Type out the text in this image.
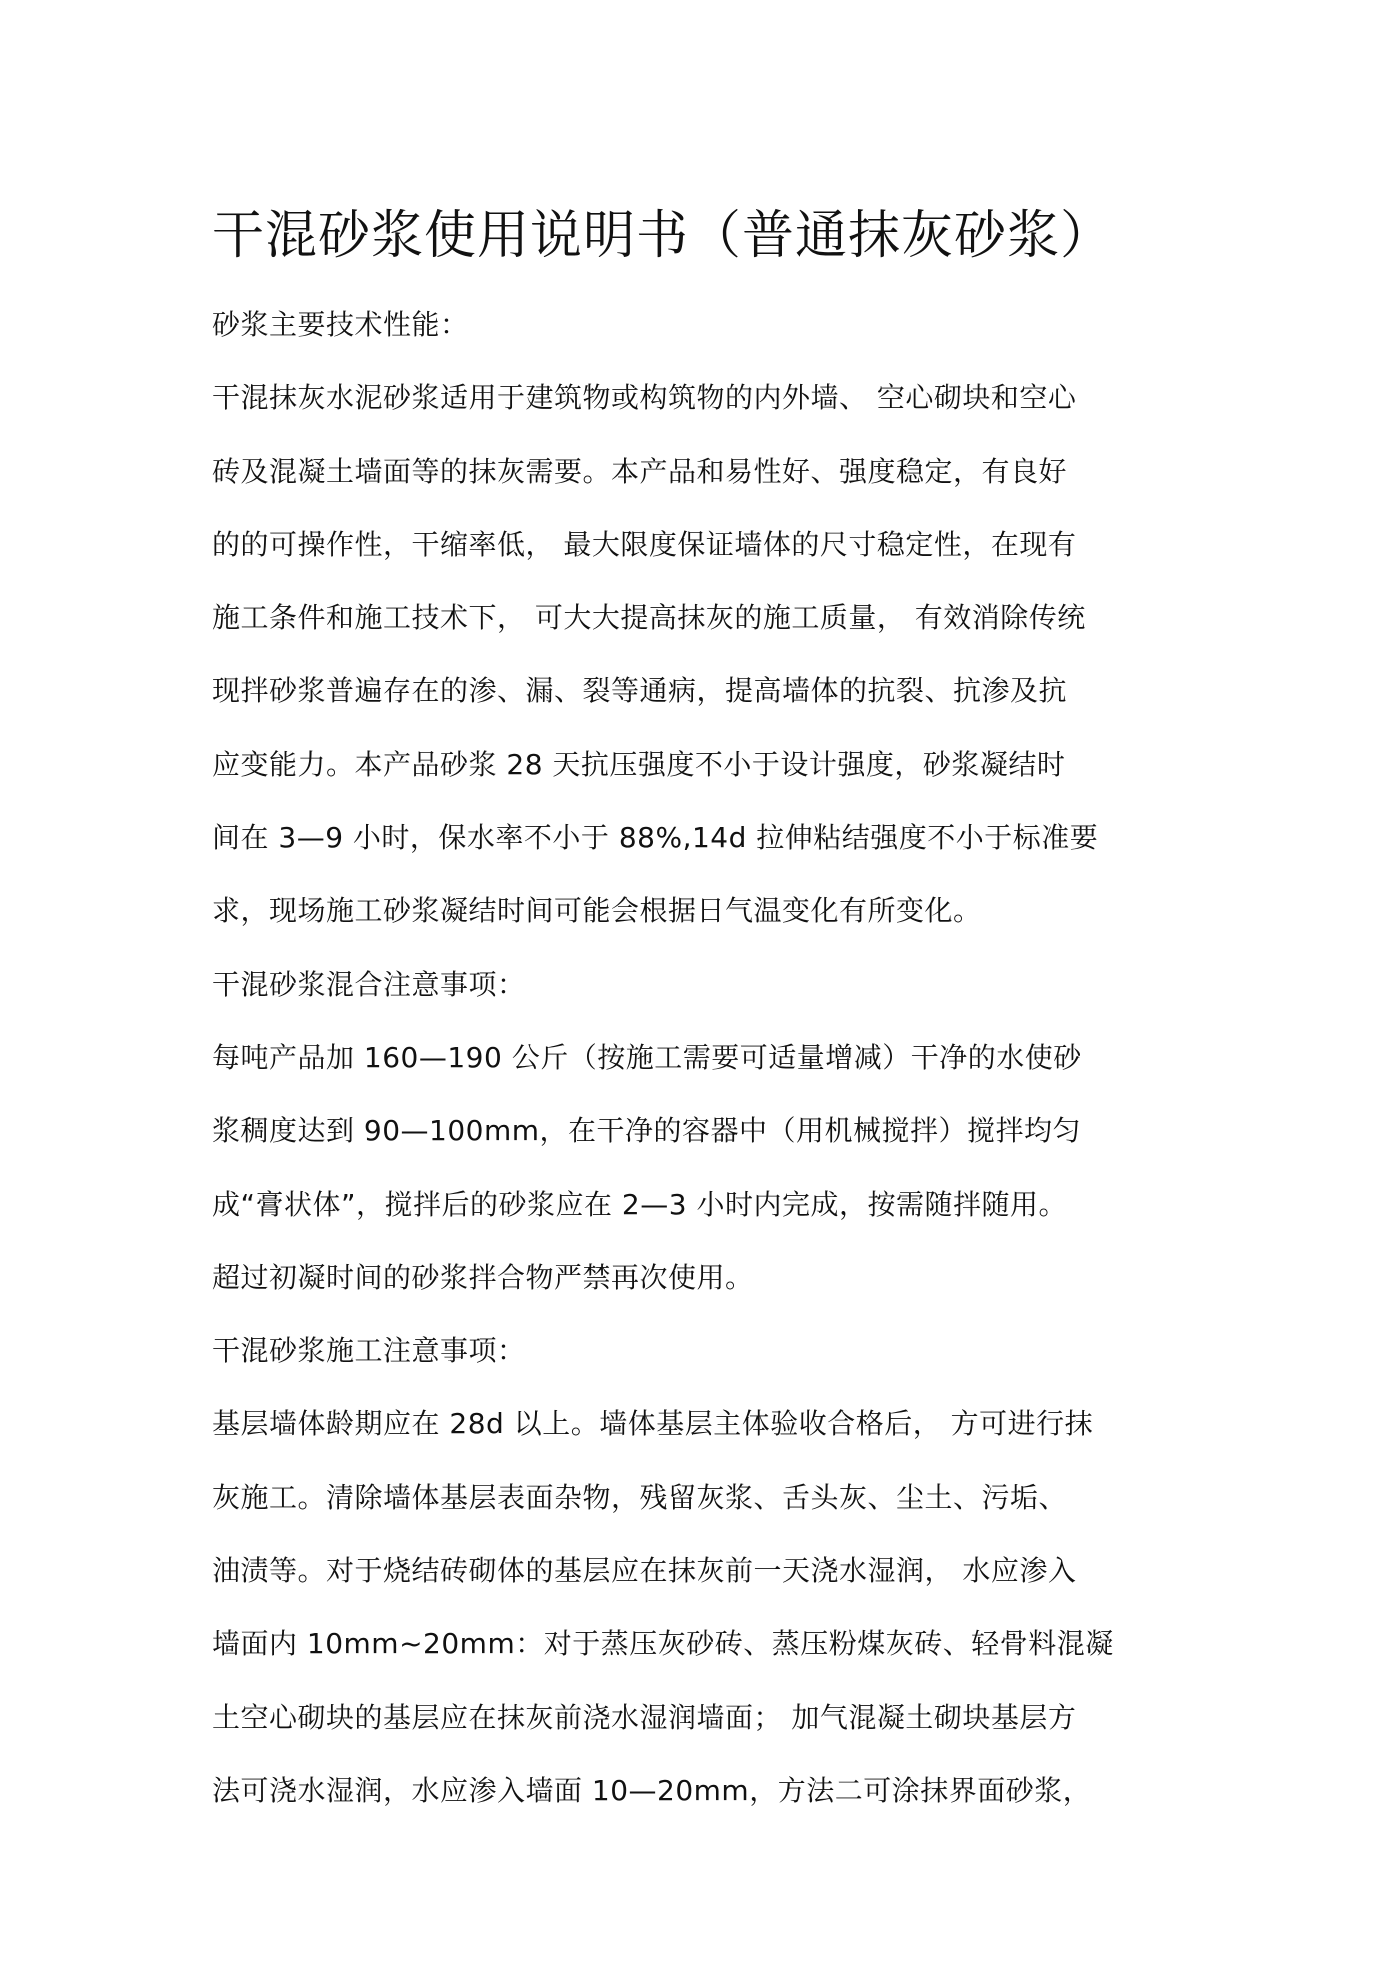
干混砂浆使用说明书（普通抹灰砂浆）
砂浆主要技术性能：
干混抹灰水泥砂浆适用于建筑物或构筑物的内外墙、 空心砌块和空心
砖及混凝土墙面等的抹灰需要。本产品和易性好、强度稳定，有良好
的的可操作性，干缩率低， 最大限度保证墙体的尺寸稳定性，在现有
施工条件和施工技术下， 可大大提高抹灰的施工质量， 有效消除传统
现拌砂浆普遍存在的渗、漏、裂等通病，提高墙体的抗裂、抗渗及抗
应变能力。本产品砂浆 28 天抗压强度不小于设计强度，砂浆凝结时
间在 3—9 小时，保水率不小于 88%,14d 拉伸粘结强度不小于标准要
求，现场施工砂浆凝结时间可能会根据日气温变化有所变化。
干混砂浆混合注意事项：
每吨产品加 160—190 公斤（按施工需要可适量增减）干净的水使砂
浆稠度达到 90—100mm，在干净的容器中（用机械搅拌）搅拌均匀
成“膏状体”，搅拌后的砂浆应在 2—3 小时内完成，按需随拌随用。
超过初凝时间的砂浆拌合物严禁再次使用。
干混砂浆施工注意事项：
基层墙体龄期应在 28d 以上。墙体基层主体验收合格后， 方可进行抹
灰施工。清除墙体基层表面杂物，残留灰浆、舌头灰、尘土、污垢、
油渍等。对于烧结砖砌体的基层应在抹灰前一天浇水湿润， 水应渗入
墙面内 10mm~20mm：对于蒸压灰砂砖、蒸压粉煤灰砖、轻骨料混凝
土空心砌块的基层应在抹灰前浇水湿润墙面； 加气混凝土砌块基层方
法可浇水湿润，水应渗入墙面 10—20mm，方法二可涂抹界面砂浆，
